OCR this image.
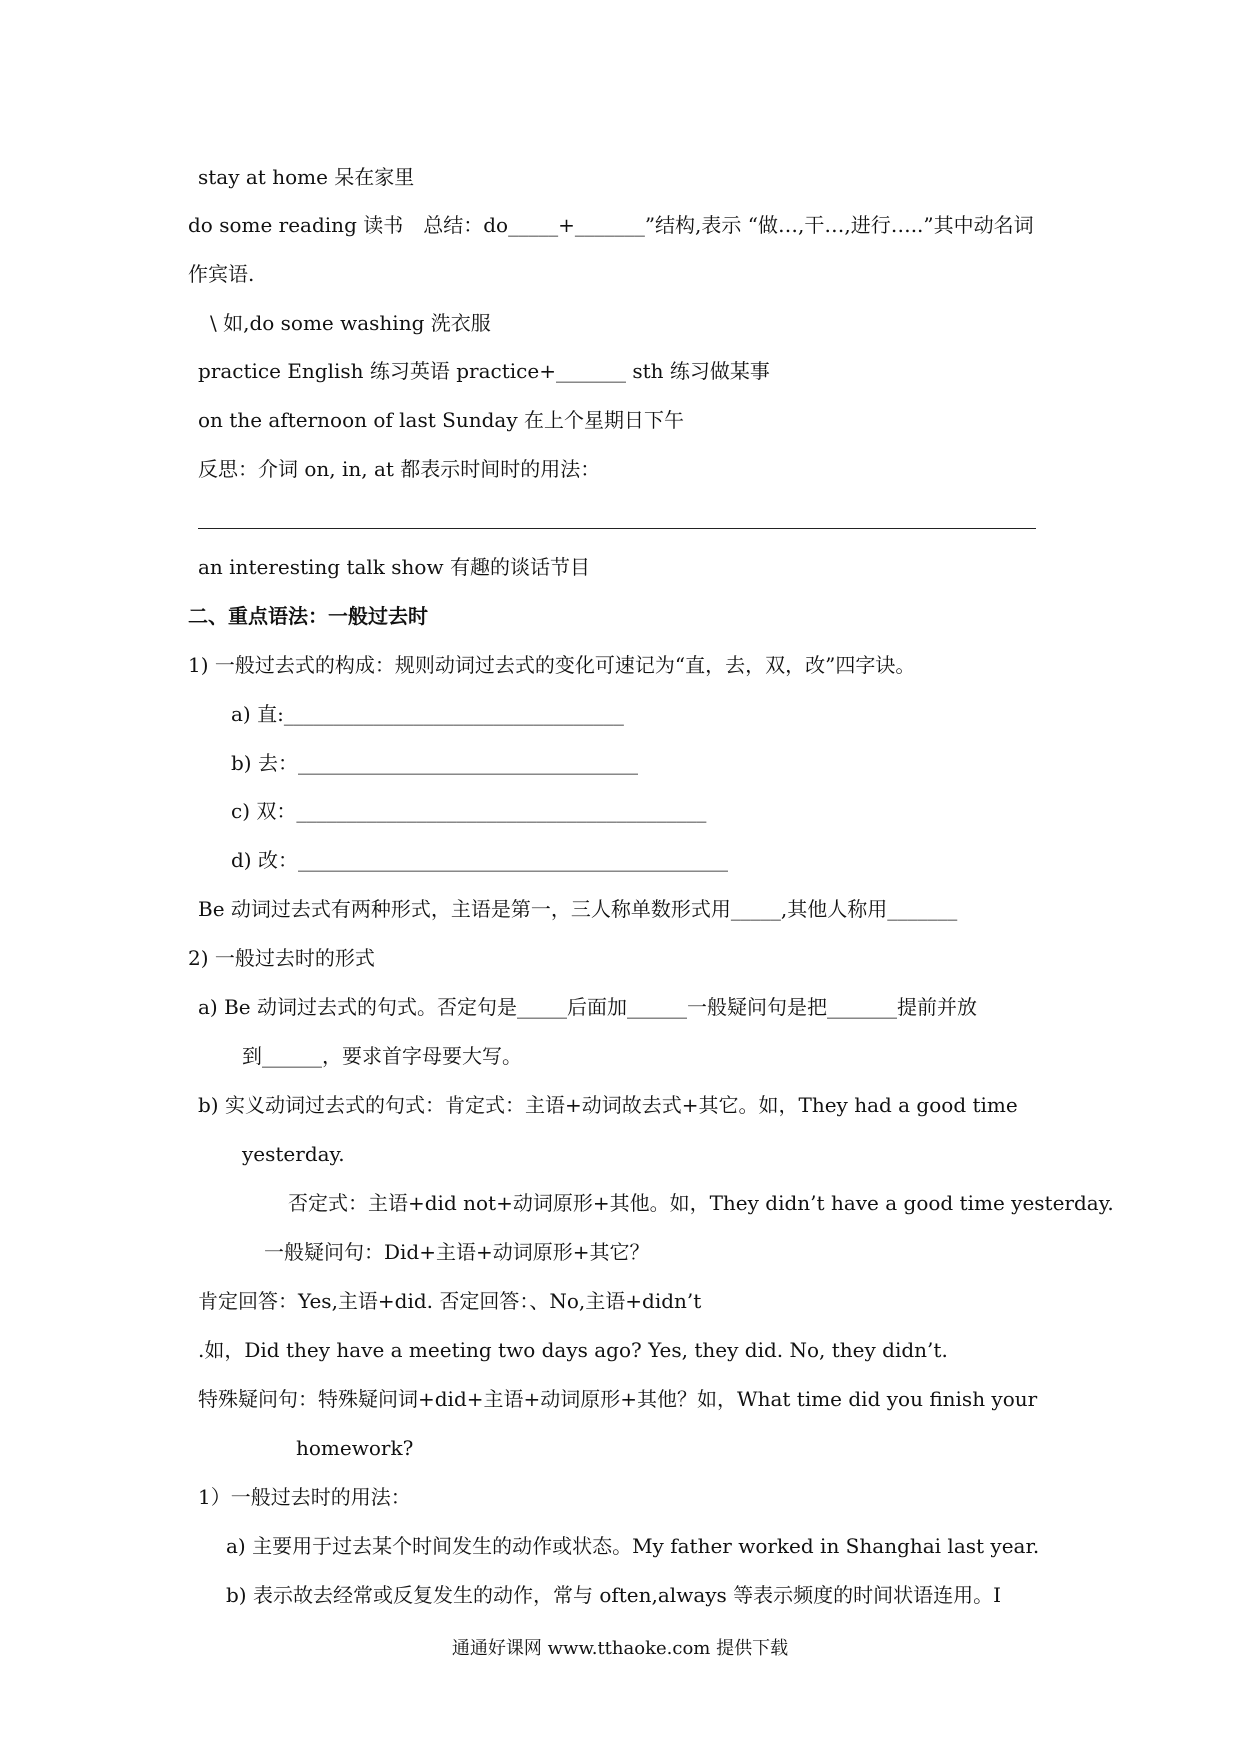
stay at home 呆在家里
do some reading 读书　总结：do_____+_______”结构,表示 “做…,干…,进行…..”其中动名词
作宾语.
\ 如,do some washing 洗衣服
practice English 练习英语 practice+_______ sth 练习做某事
on the afternoon of last Sunday 在上个星期日下午
反思：介词 on, in, at 都表示时间时的用法：
an interesting talk show 有趣的谈话节目
二、重点语法：一般过去时
1) 一般过去式的构成：规则动词过去式的变化可速记为“直，去，双，改”四字诀。
a) 直:__________________________________
b) 去：__________________________________
c) 双：_________________________________________
d) 改：___________________________________________
Be 动词过去式有两种形式，主语是第一，三人称单数形式用_____,其他人称用_______
2) 一般过去时的形式
a) Be 动词过去式的句式。否定句是_____后面加______一般疑问句是把_______提前并放
到______，要求首字母要大写。
b) 实义动词过去式的句式：肯定式：主语+动词故去式+其它。如，They had a good time
yesterday.
否定式：主语+did not+动词原形+其他。如，They didn’t have a good time yesterday.
一般疑问句：Did+主语+动词原形+其它？
肯定回答：Yes,主语+did. 否定回答：、No,主语+didn’t
.如，Did they have a meeting two days ago? Yes, they did. No, they didn’t.
特殊疑问句：特殊疑问词+did+主语+动词原形+其他？如，What time did you finish your
homework?
1）一般过去时的用法：
a) 主要用于过去某个时间发生的动作或状态。My father worked in Shanghai last year.
b) 表示故去经常或反复发生的动作，常与 often,always 等表示频度的时间状语连用。I
通通好课网 www.tthaoke.com 提供下载
